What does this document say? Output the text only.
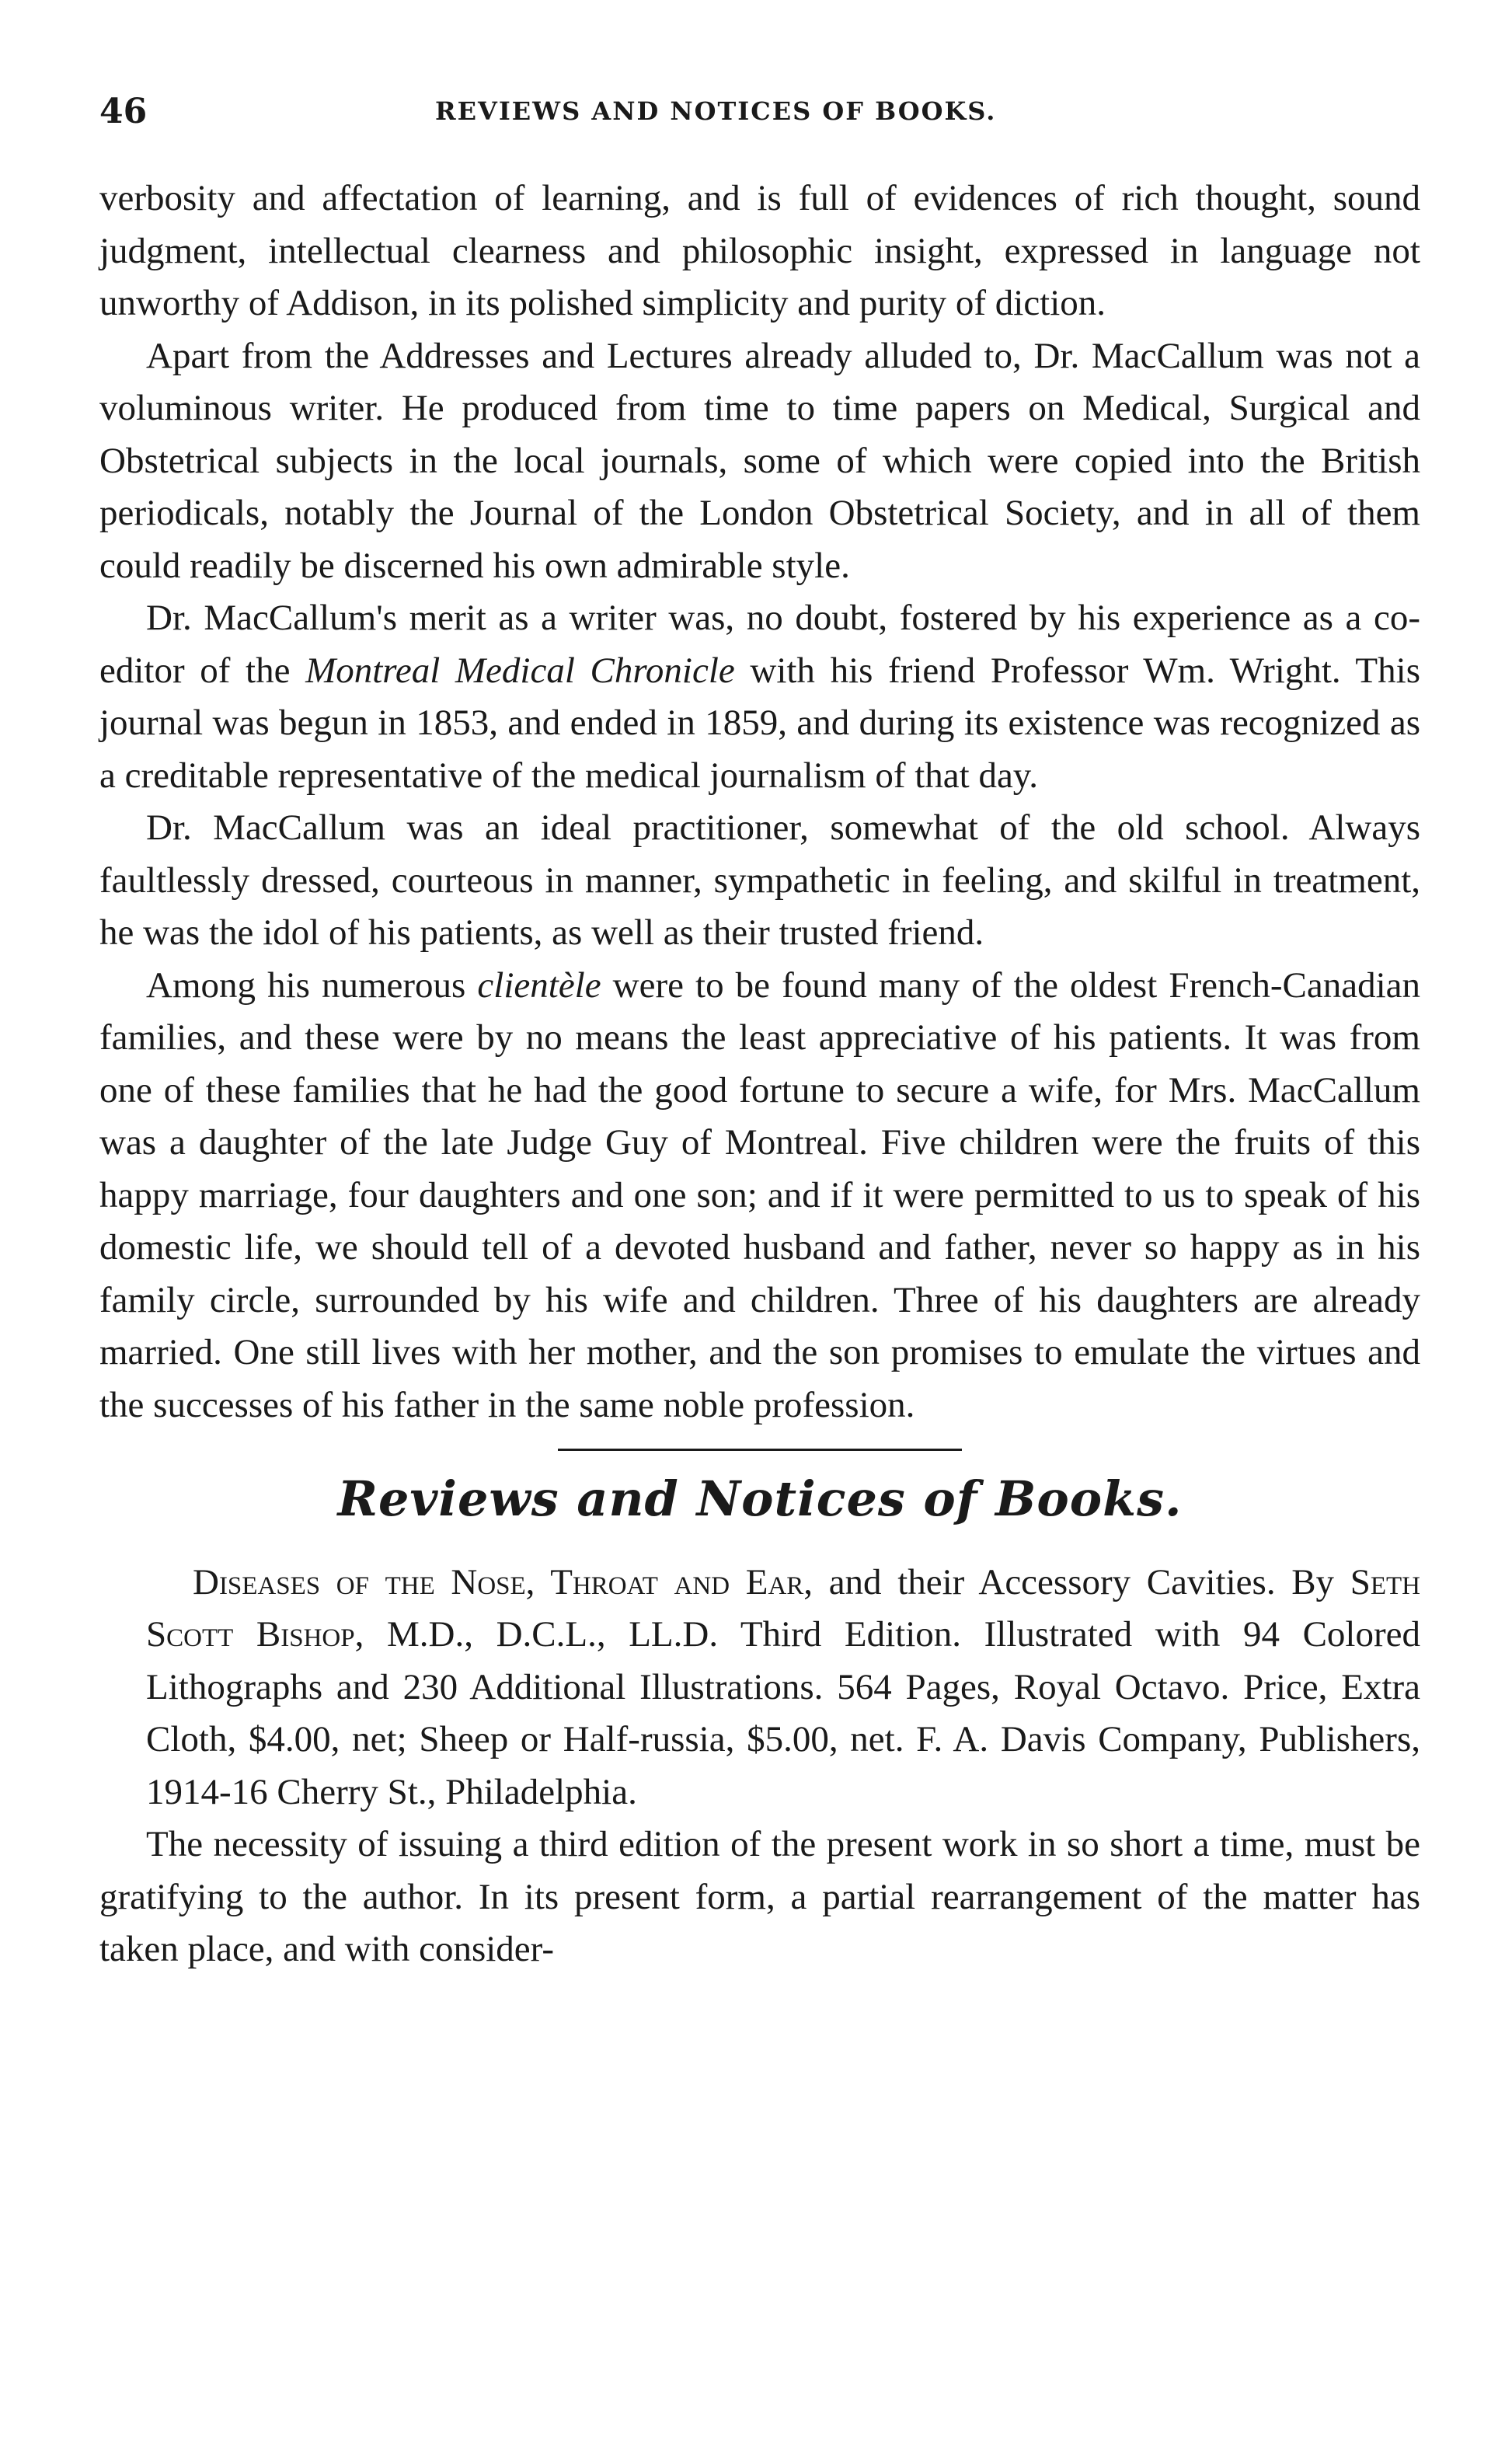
46	REVIEWS AND NOTICES OF BOOKS.

verbosity and affectation of learning, and is full of evidences of rich thought, sound judgment, intellectual clearness and philosophic insight, expressed in language not unworthy of Addison, in its polished simplicity and purity of diction.

Apart from the Addresses and Lectures already alluded to, Dr. MacCallum was not a voluminous writer. He produced from time to time papers on Medical, Surgical and Obstetrical subjects in the local journals, some of which were copied into the British periodicals, notably the Journal of the London Obstetrical Society, and in all of them could readily be discerned his own admirable style.

Dr. MacCallum's merit as a writer was, no doubt, fostered by his experience as a co-editor of the Montreal Medical Chronicle with his friend Professor Wm. Wright. This journal was begun in 1853, and ended in 1859, and during its existence was recognized as a creditable representative of the medical journalism of that day.

Dr. MacCallum was an ideal practitioner, somewhat of the old school. Always faultlessly dressed, courteous in manner, sympathetic in feeling, and skilful in treatment, he was the idol of his patients, as well as their trusted friend.

Among his numerous clientèle were to be found many of the oldest French-Canadian families, and these were by no means the least appreciative of his patients. It was from one of these families that he had the good fortune to secure a wife, for Mrs. MacCallum was a daughter of the late Judge Guy of Montreal. Five children were the fruits of this happy marriage, four daughters and one son; and if it were permitted to us to speak of his domestic life, we should tell of a devoted husband and father, never so happy as in his family circle, surrounded by his wife and children. Three of his daughters are already married. One still lives with her mother, and the son promises to emulate the virtues and the successes of his father in the same noble profession.

Reviews and Notices of Books.

Diseases of the Nose, Throat and Ear, and their Accessory Cavities. By Seth Scott Bishop, M.D., D.C.L., LL.D. Third Edition. Illustrated with 94 Colored Lithographs and 230 Additional Illustrations. 564 Pages, Royal Octavo. Price, Extra Cloth, $4.00, net; Sheep or Half-russia, $5.00, net. F. A. Davis Company, Publishers, 1914-16 Cherry St., Philadelphia.

The necessity of issuing a third edition of the present work in so short a time, must be gratifying to the author. In its present form, a partial rearrangement of the matter has taken place, and with consider-
